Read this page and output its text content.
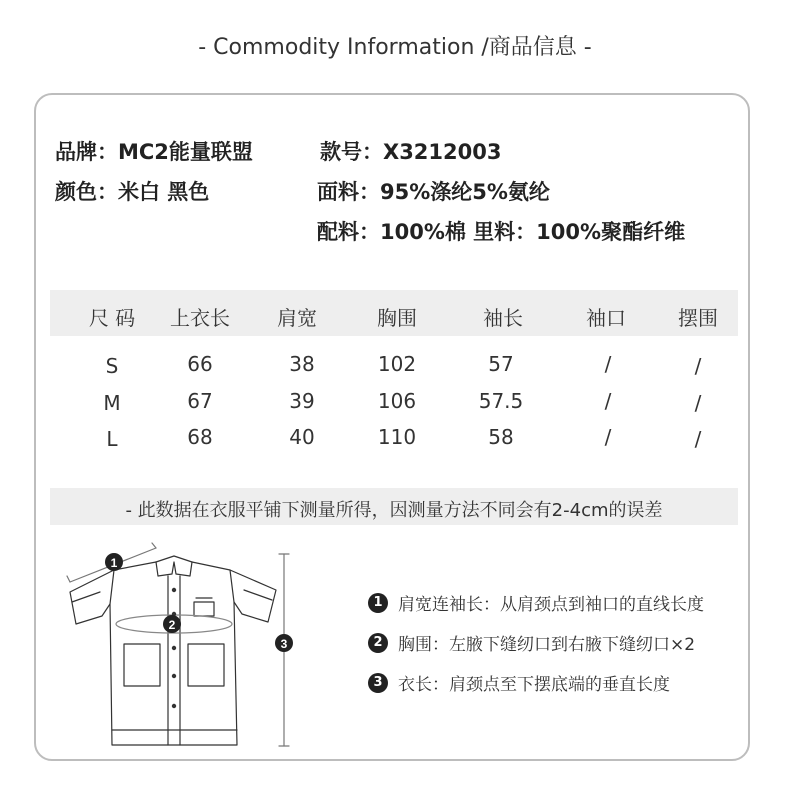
- Commodity Information /商品信息 -
品牌：MC2能量联盟	款号：X3212003
颜色：米白 黑色	面料：95%涤纶5%氨纶
配料：100%棉 里料：100%聚酯纤维
尺 码	上衣长	肩宽	胸围	袖长	袖口	摆围
S	66	38	102	57	/	/
M	67	39	106	57.5	/	/
L	68	40	110	58	/	/
- 此数据在衣服平铺下测量所得，因测量方法不同会有2-4cm的误差
1
2
3
1 肩宽连袖长：从肩颈点到袖口的直线长度
2 胸围：左腋下缝纫口到右腋下缝纫口×2
3 衣长：肩颈点至下摆底端的垂直长度
